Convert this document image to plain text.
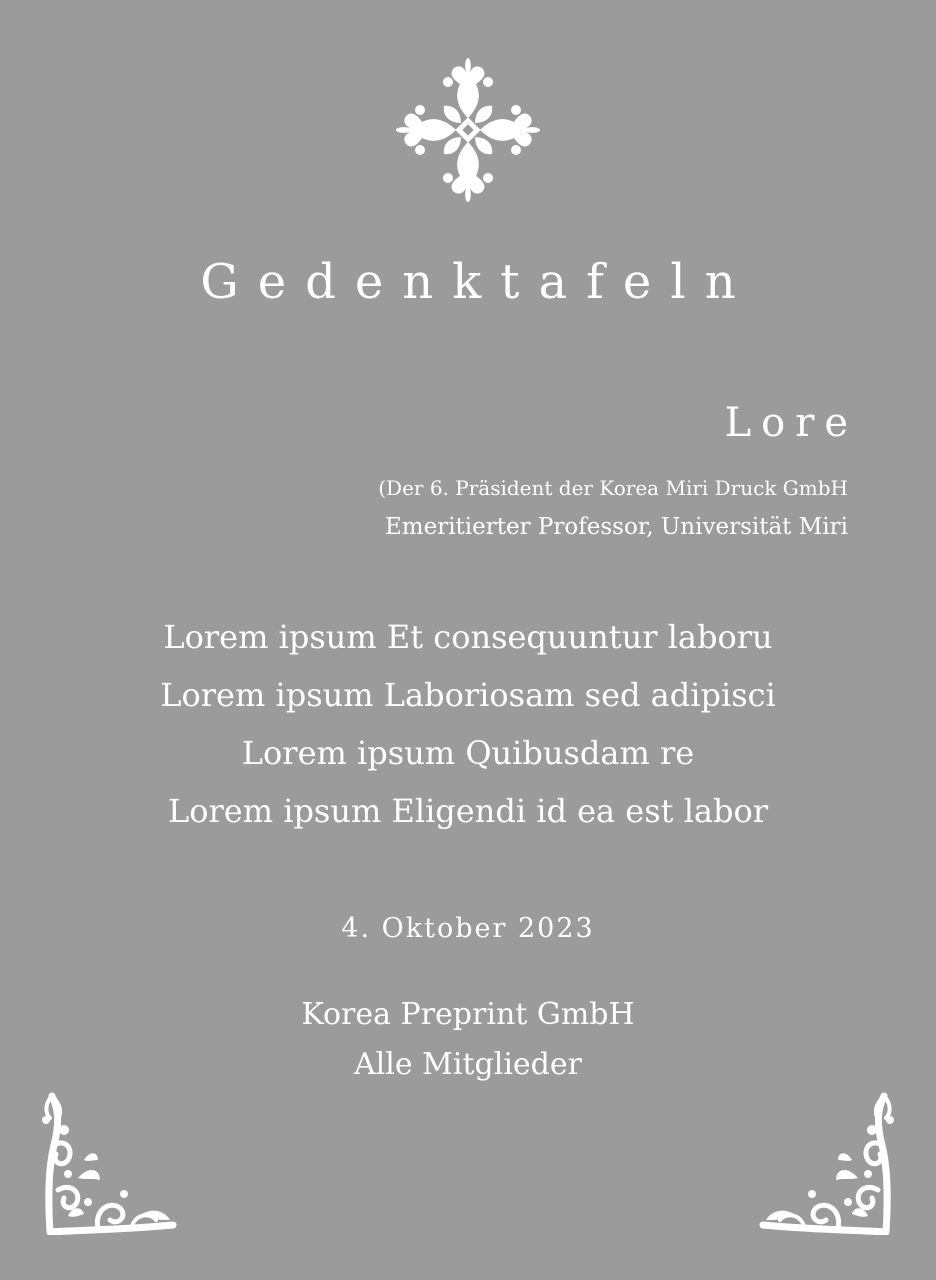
Gedenktafeln
Lore
(Der 6. Präsident der Korea Miri Druck GmbH
Emeritierter Professor, Universität Miri
Lorem ipsum Et consequuntur laboru
Lorem ipsum Laboriosam sed adipisci
Lorem ipsum Quibusdam re
Lorem ipsum Eligendi id ea est labor
4. Oktober 2023
Korea Preprint GmbH
Alle Mitglieder
